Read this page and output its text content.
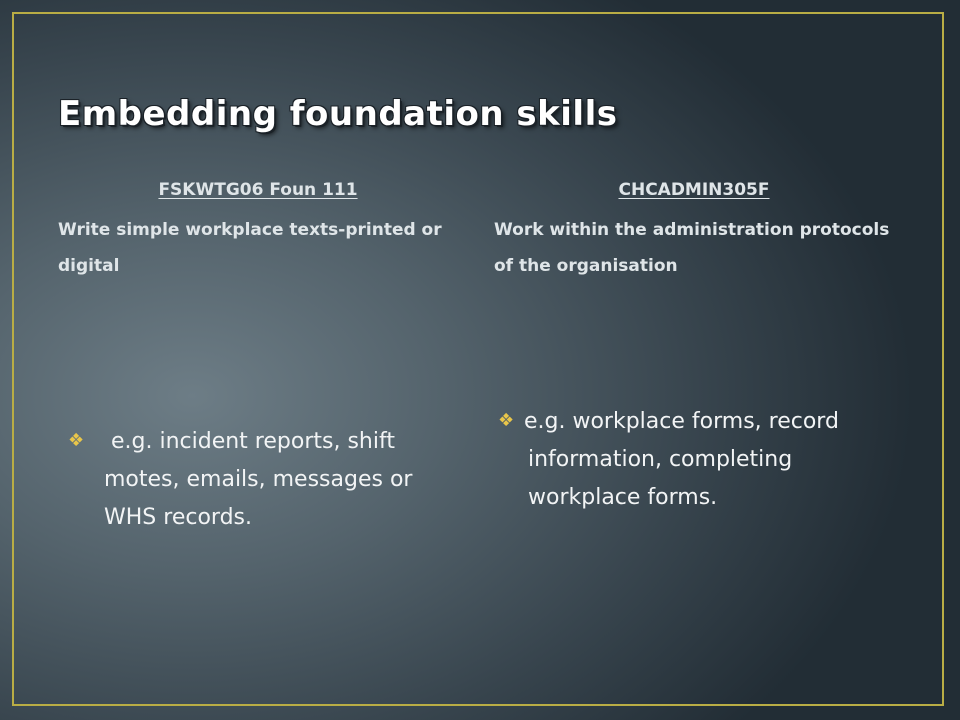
Embedding foundation skills
FSKWTG06 Foun 111

Write simple workplace texts-printed or digital

❖ e.g. incident reports, shift motes, emails, messages or WHS records.
CHCADMIN305F

Work within the administration protocols of the organisation

❖ e.g. workplace forms, record information, completing workplace forms.
